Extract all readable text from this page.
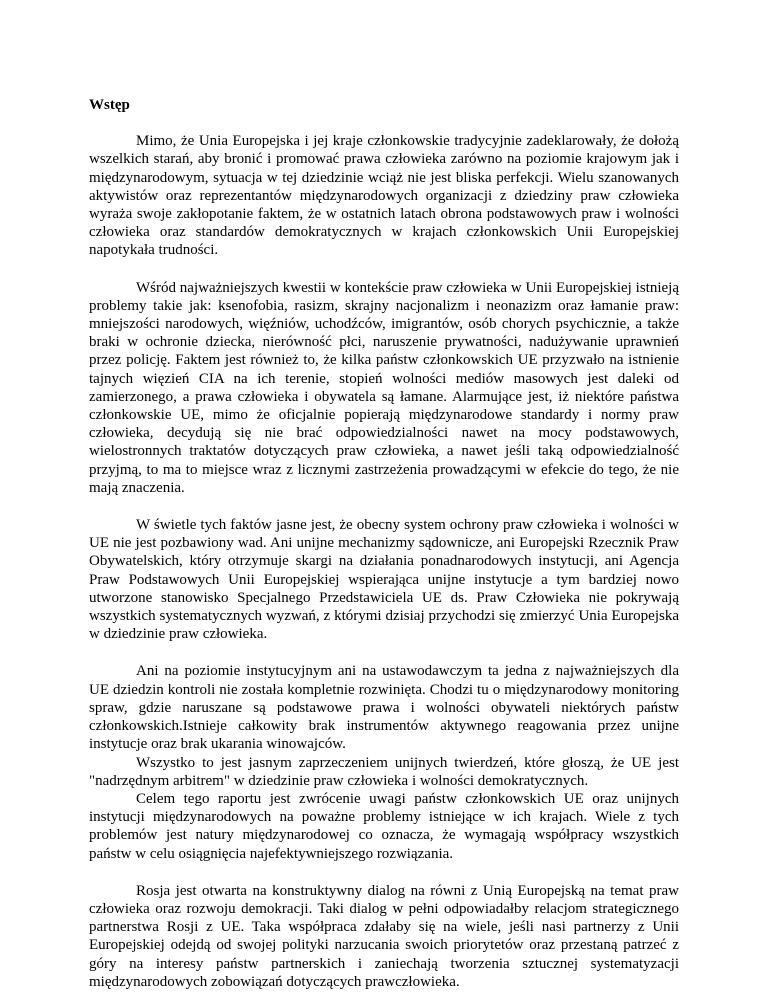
Wstęp

Mimo, że Unia Europejska i jej kraje członkowskie tradycyjnie zadeklarowały, że dołożą wszelkich starań, aby bronić i promować prawa człowieka zarówno na poziomie krajowym jak i międzynarodowym, sytuacja w tej dziedzinie wciąż nie jest bliska perfekcji. Wielu szanowanych aktywistów oraz reprezentantów międzynarodowych organizacji z dziedziny praw człowieka wyraża swoje zakłopotanie faktem, że w ostatnich latach obrona podstawowych praw i wolności człowieka oraz standardów demokratycznych w krajach członkowskich Unii Europejskiej napotykała trudności.

Wśród najważniejszych kwestii w kontekście praw człowieka w Unii Europejskiej istnieją problemy takie jak: ksenofobia, rasizm, skrajny nacjonalizm i neonazizm oraz łamanie praw: mniejszości narodowych, więźniów, uchodźców, imigrantów, osób chorych psychicznie, a także braki w ochronie dziecka, nierówność płci, naruszenie prywatności, nadużywanie uprawnień przez policję. Faktem jest również to, że kilka państw członkowskich UE przyzwało na istnienie tajnych więzień CIA na ich terenie, stopień wolności mediów masowych jest daleki od zamierzonego, a prawa człowieka i obywatela są łamane. Alarmujące jest, iż niektóre państwa członkowskie UE, mimo że oficjalnie popierają międzynarodowe standardy i normy praw człowieka, decydują się nie brać odpowiedzialności nawet na mocy podstawowych, wielostronnych traktatów dotyczących praw człowieka, a nawet jeśli taką odpowiedzialność przyjmą, to ma to miejsce wraz z licznymi zastrzeżenia prowadzącymi w efekcie do tego, że nie mają znaczenia.

W świetle tych faktów jasne jest, że obecny system ochrony praw człowieka i wolności w UE nie jest pozbawiony wad. Ani unijne mechanizmy sądownicze, ani Europejski Rzecznik Praw Obywatelskich, który otrzymuje skargi na działania ponadnarodowych instytucji, ani Agencja Praw Podstawowych Unii Europejskiej wspierająca unijne instytucje a tym bardziej nowo utworzone stanowisko Specjalnego Przedstawiciela UE ds. Praw Człowieka nie pokrywają wszystkich systematycznych wyzwań, z którymi dzisiaj przychodzi się zmierzyć Unia Europejska w dziedzinie praw człowieka.

Ani na poziomie instytucyjnym ani na ustawodawczym ta jedna z najważniejszych dla UE dziedzin kontroli nie została kompletnie rozwinięta. Chodzi tu o międzynarodowy monitoring spraw, gdzie naruszane są podstawowe prawa i wolności obywateli niektórych państw członkowskich.Istnieje całkowity brak instrumentów aktywnego reagowania przez unijne instytucje oraz brak ukarania winowajców.

Wszystko to jest jasnym zaprzeczeniem unijnych twierdzeń, które głoszą, że UE jest "nadrzędnym arbitrem" w dziedzinie praw człowieka i wolności demokratycznych.

Celem tego raportu jest zwrócenie uwagi państw członkowskich UE oraz unijnych instytucji międzynarodowych na poważne problemy istniejące w ich krajach. Wiele z tych problemów jest natury międzynarodowej co oznacza, że wymagają współpracy wszystkich państw w celu osiągnięcia najefektywniejszego rozwiązania.

Rosja jest otwarta na konstruktywny dialog na równi z Unią Europejską na temat praw człowieka oraz rozwoju demokracji. Taki dialog w pełni odpowiadałby relacjom strategicznego partnerstwa Rosji z UE. Taka współpraca zdałaby się na wiele, jeśli nasi partnerzy z Unii Europejskiej odejdą od swojej polityki narzucania swoich priorytetów oraz przestaną patrzeć z góry na interesy państw partnerskich i zaniechają tworzenia sztucznej systematyzacji międzynarodowych zobowiązań dotyczących prawczłowieka.
